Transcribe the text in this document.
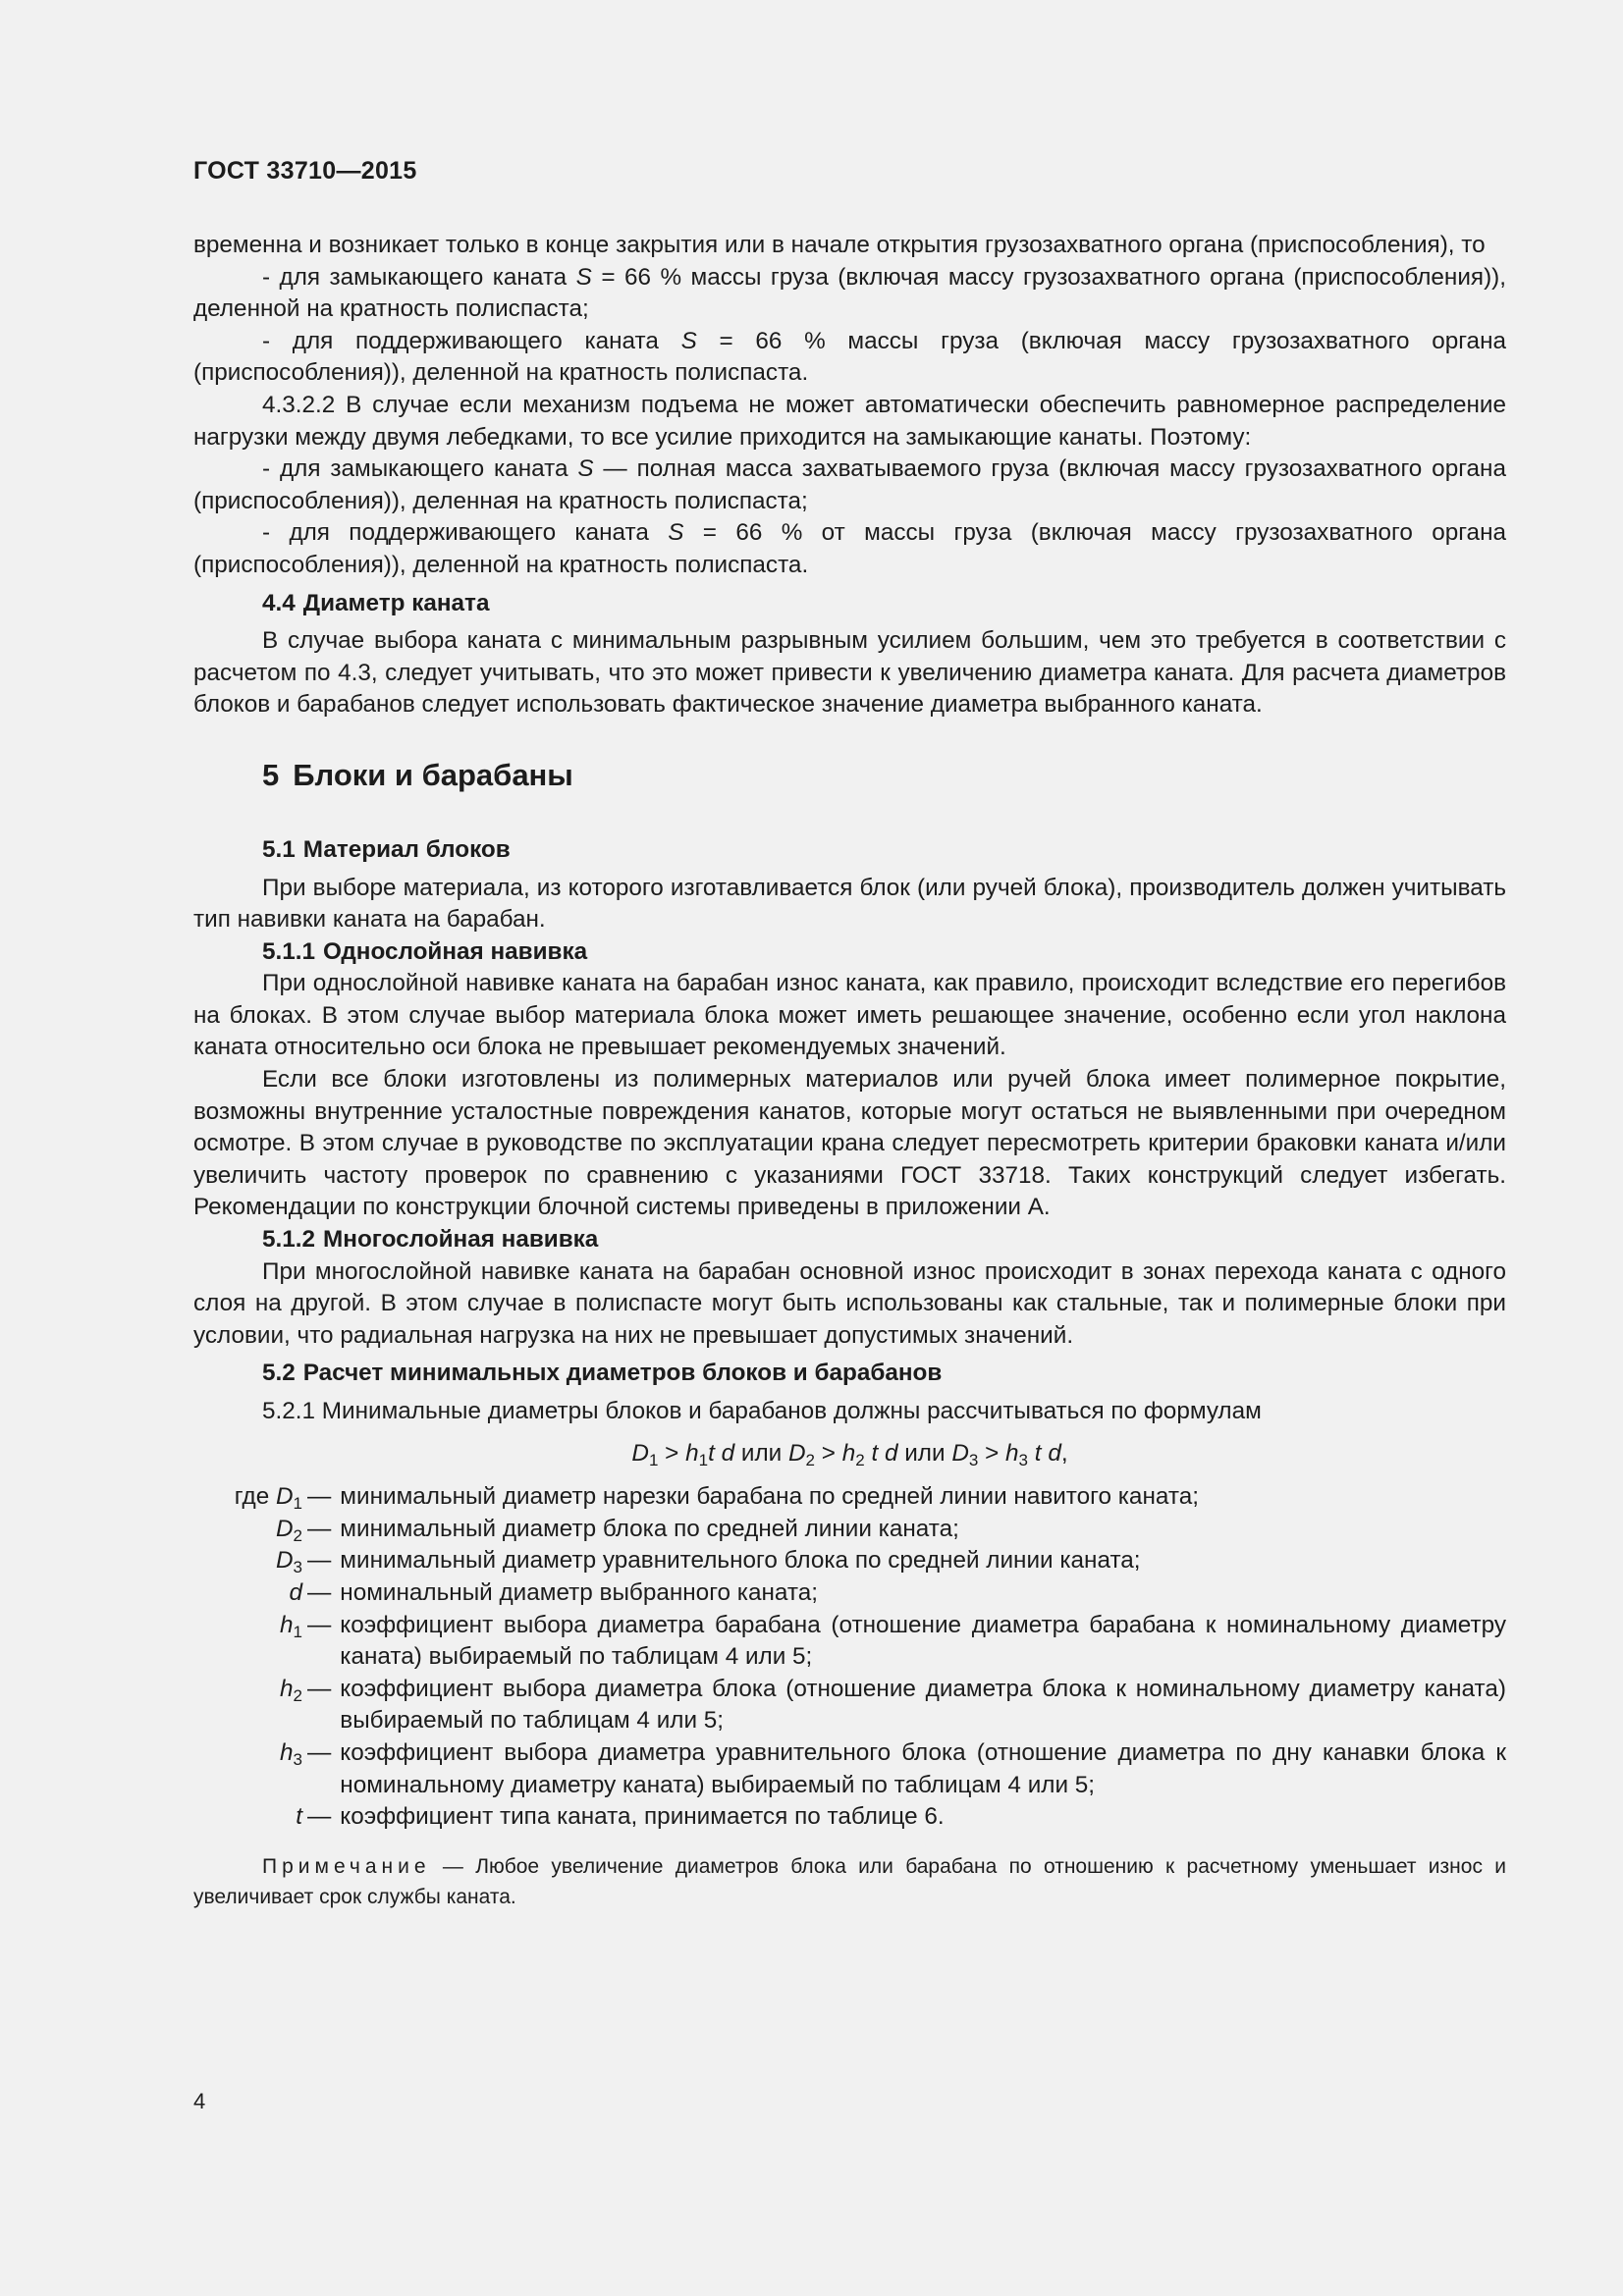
ГОСТ 33710—2015

временна и возникает только в конце закрытия или в начале открытия грузозахватного органа (приспособления), то

- для замыкающего каната S = 66 % массы груза (включая массу грузозахватного органа (приспособления)), деленной на кратность полиспаста;

- для поддерживающего каната S = 66 % массы груза (включая массу грузозахватного органа (приспособления)), деленной на кратность полиспаста.

4.3.2.2 В случае если механизм подъема не может автоматически обеспечить равномерное распределение нагрузки между двумя лебедками, то все усилие приходится на замыкающие канаты. Поэтому:

- для замыкающего каната S — полная масса захватываемого груза (включая массу грузозахватного органа (приспособления)), деленная на кратность полиспаста;

- для поддерживающего каната S = 66 % от массы груза (включая массу грузозахватного органа (приспособления)), деленной на кратность полиспаста.

4.4 Диаметр каната

В случае выбора каната с минимальным разрывным усилием большим, чем это требуется в соответствии с расчетом по 4.3, следует учитывать, что это может привести к увеличению диаметра каната. Для расчета диаметров блоков и барабанов следует использовать фактическое значение диаметра выбранного каната.

5 Блоки и барабаны
5.1 Материал блоков

При выборе материала, из которого изготавливается блок (или ручей блока), производитель должен учитывать тип навивки каната на барабан.

5.1.1 Однослойная навивка

При однослойной навивке каната на барабан износ каната, как правило, происходит вследствие его перегибов на блоках. В этом случае выбор материала блока может иметь решающее значение, особенно если угол наклона каната относительно оси блока не превышает рекомендуемых значений.

Если все блоки изготовлены из полимерных материалов или ручей блока имеет полимерное покрытие, возможны внутренние усталостные повреждения канатов, которые могут остаться не выявленными при очередном осмотре. В этом случае в руководстве по эксплуатации крана следует пересмотреть критерии браковки каната и/или увеличить частоту проверок по сравнению с указаниями ГОСТ 33718. Таких конструкций следует избегать. Рекомендации по конструкции блочной системы приведены в приложении А.

5.1.2 Многослойная навивка

При многослойной навивке каната на барабан основной износ происходит в зонах перехода каната с одного слоя на другой. В этом случае в полиспасте могут быть использованы как стальные, так и полимерные блоки при условии, что радиальная нагрузка на них не превышает допустимых значений.

5.2 Расчет минимальных диаметров блоков и барабанов

5.2.1 Минимальные диаметры блоков и барабанов должны рассчитываться по формулам

$D_1 > h_1t$ d или $D_2 > h_2$ t d или $D_3 > h_3$ t d,
где $D_1$ — минимальный диаметр нарезки барабана по средней линии навитого каната;
$D_2$ — минимальный диаметр блока по средней линии каната;
$D_3$ — минимальный диаметр уравнительного блока по средней линии каната;
d — номинальный диаметр выбранного каната;
$h_1$ — коэффициент выбора диаметра барабана (отношение диаметра барабана к номинальному диаметру каната) выбираемый по таблицам 4 или 5;
$h_2$ — коэффициент выбора диаметра блока (отношение диаметра блока к номинальному диаметру каната) выбираемый по таблицам 4 или 5;
$h_3$ — коэффициент выбора диаметра уравнительного блока (отношение диаметра по дну канавки блока к номинальному диаметру каната) выбираемый по таблицам 4 или 5;
t — коэффициент типа каната, принимается по таблице 6.

Примечание — Любое увеличение диаметров блока или барабана по отношению к расчетному уменьшает износ и увеличивает срок службы каната.

4
